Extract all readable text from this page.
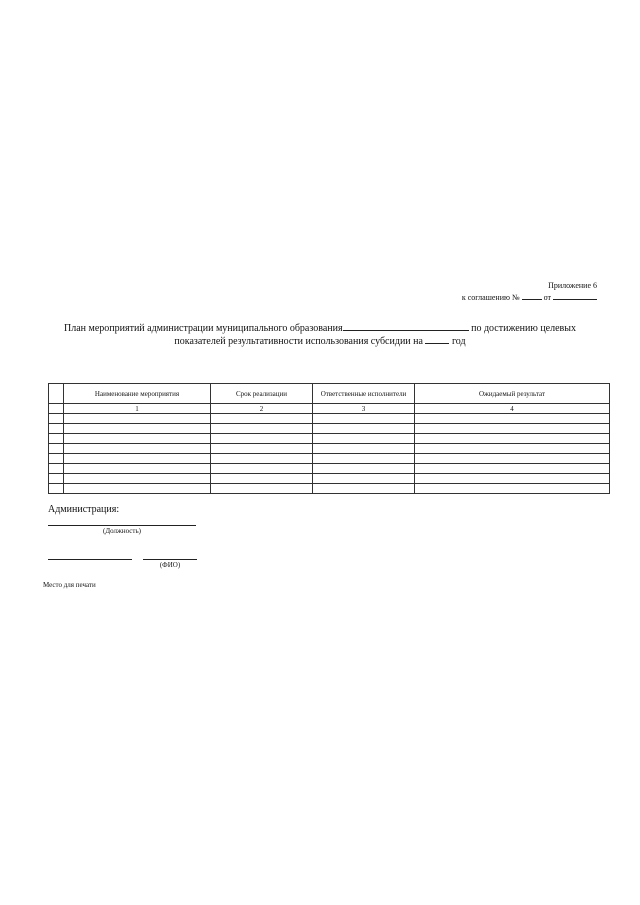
Приложение 6
к соглашению №	от
План мероприятий администрации муниципального образования	по достижению целевых
показателей результативности использования субсидии на	год
	Наименование мероприятия	Срок реализации	Ответственные исполнители	Ожидаемый результат
	1	2	3	4

Администрация:
(Должность)
(ФИО)
Место для печати
